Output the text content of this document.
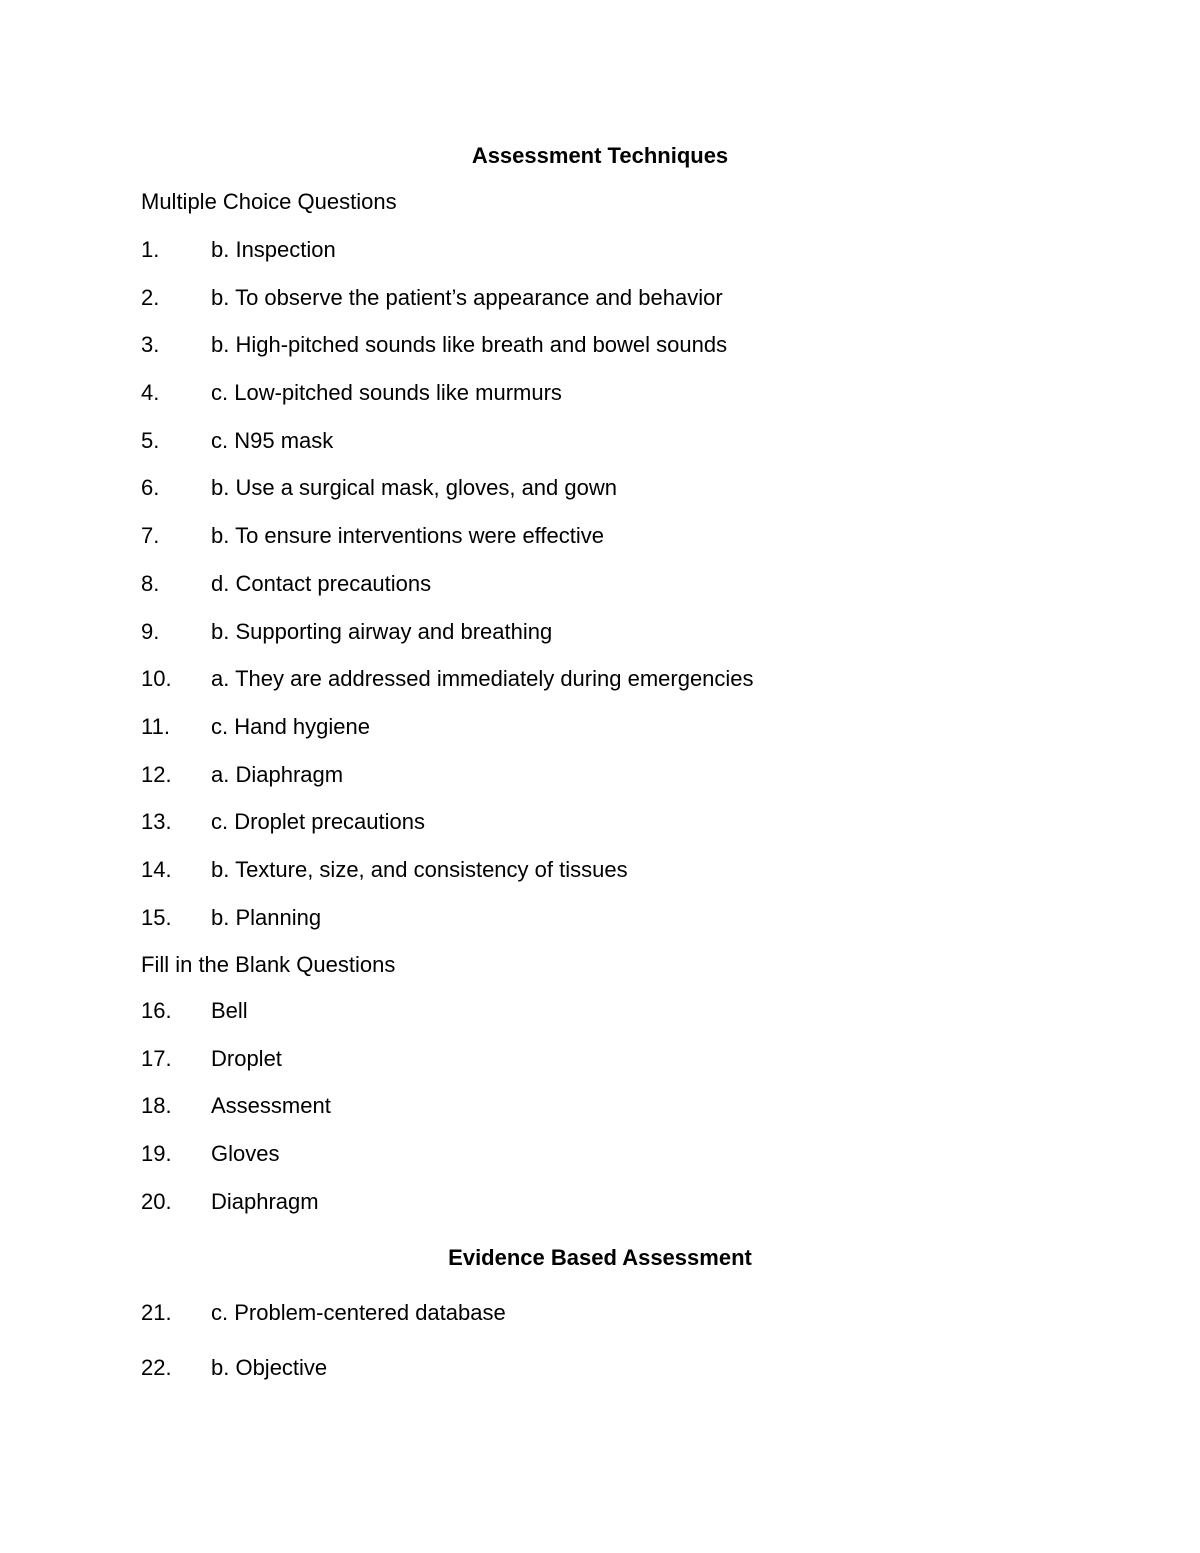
Assessment Techniques
Multiple Choice Questions
1. b. Inspection
2. b. To observe the patient’s appearance and behavior
3. b. High-pitched sounds like breath and bowel sounds
4. c. Low-pitched sounds like murmurs
5. c. N95 mask
6. b. Use a surgical mask, gloves, and gown
7. b. To ensure interventions were effective
8. d. Contact precautions
9. b. Supporting airway and breathing
10. a. They are addressed immediately during emergencies
11. c. Hand hygiene
12. a. Diaphragm
13. c. Droplet precautions
14. b. Texture, size, and consistency of tissues
15. b. Planning
Fill in the Blank Questions
16. Bell
17. Droplet
18. Assessment
19. Gloves
20. Diaphragm
Evidence Based Assessment
21. c. Problem-centered database
22. b. Objective
